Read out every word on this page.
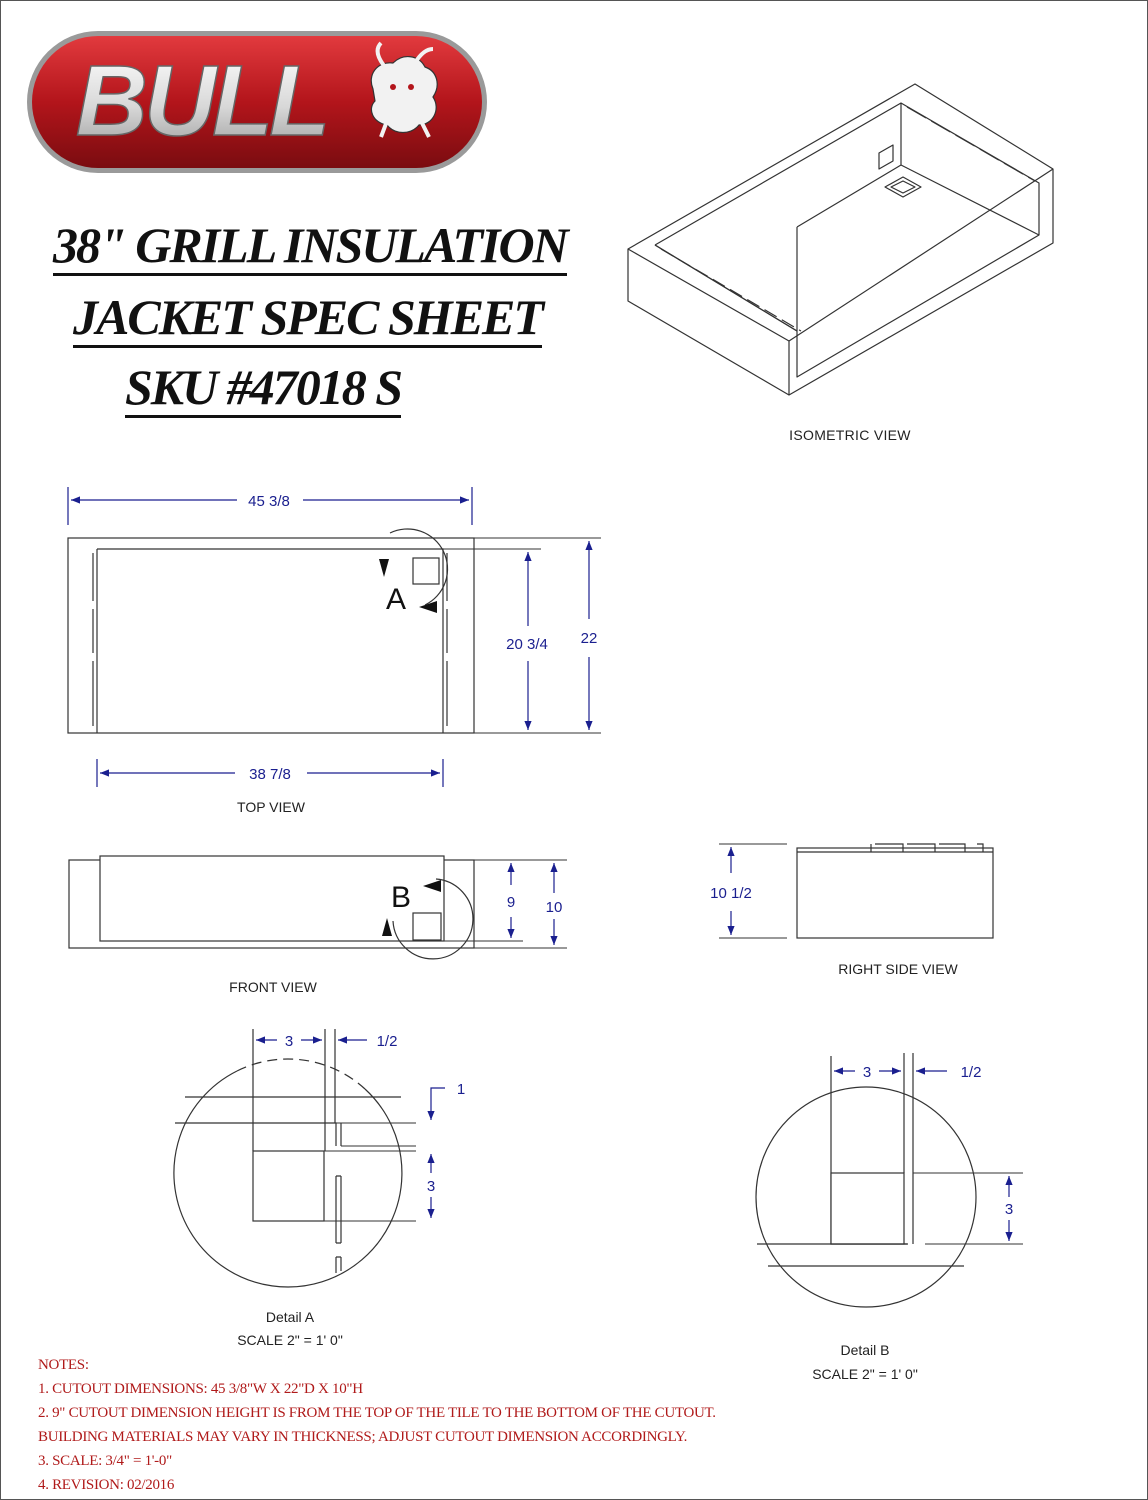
38" GRILL INSULATION
JACKET SPEC SHEET
SKU #47018 S
BULL
ISOMETRIC VIEW
A
45 3/8
38 7/8
20 3/4 22
TOP VIEW
B	9 10
FRONT VIEW
10 1/2
RIGHT SIDE VIEW
3	1/2
1
3
Detail A
SCALE 2" = 1' 0"
3	1/2
3
Detail B
SCALE 2" = 1' 0"
NOTES:
1. CUTOUT DIMENSIONS: 45 3/8"W X 22"D X 10"H
2. 9" CUTOUT DIMENSION HEIGHT IS FROM THE TOP OF THE TILE TO THE BOTTOM OF THE CUTOUT.
BUILDING MATERIALS MAY VARY IN THICKNESS; ADJUST CUTOUT DIMENSION ACCORDINGLY.
3. SCALE: 3/4" = 1'-0"
4. REVISION: 02/2016
